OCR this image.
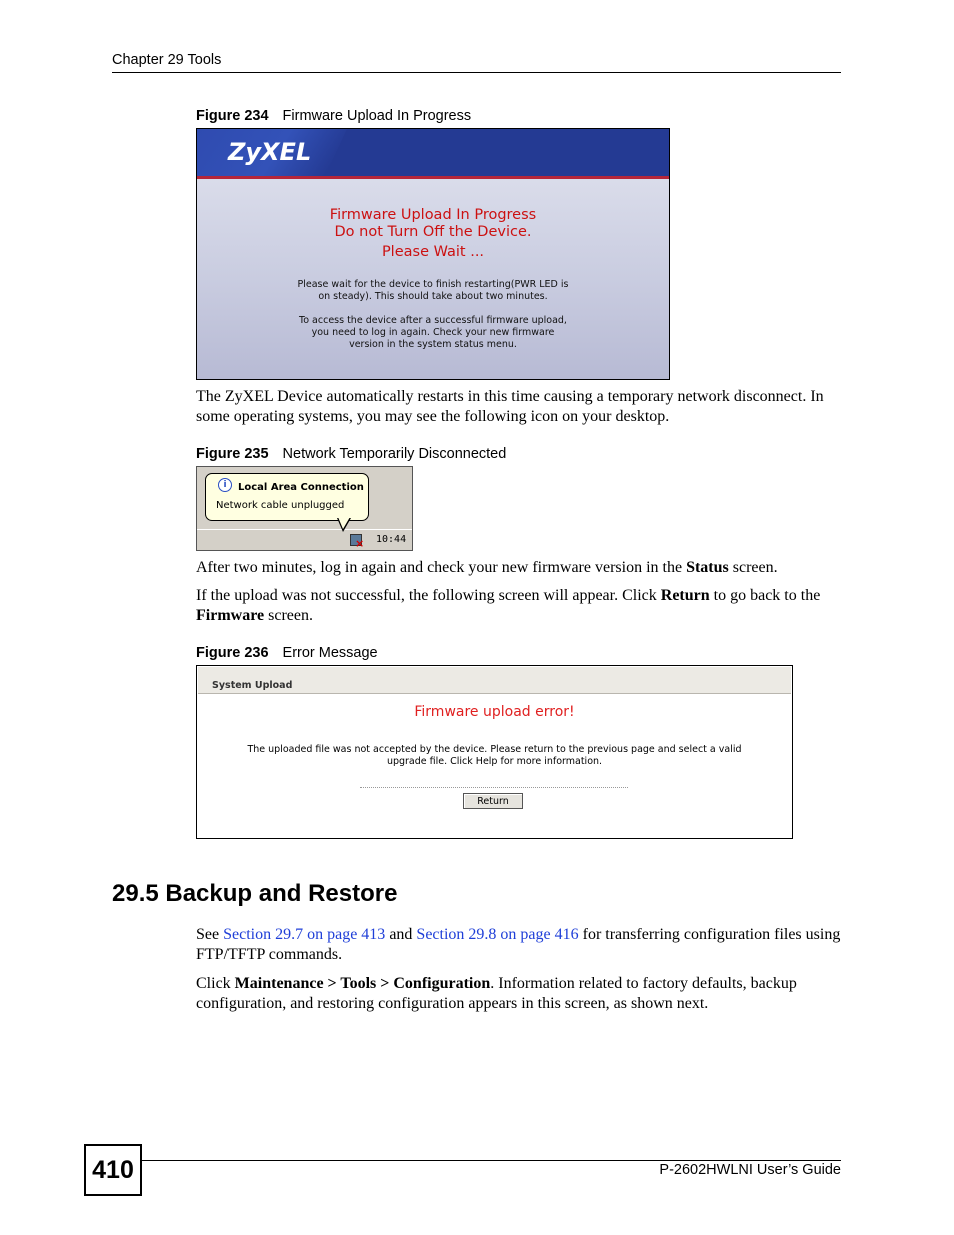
Chapter 29 Tools
Figure 234 Firmware Upload In Progress
ZyXEL
Firmware Upload In Progress
Do not Turn Off the Device.
Please Wait ...
Please wait for the device to finish restarting(PWR LED is
on steady). This should take about two minutes.
To access the device after a successful firmware upload,
you need to log in again. Check your new firmware
version in the system status menu.
The ZyXEL Device automatically restarts in this time causing a temporary network disconnect. In some operating systems, you may see the following icon on your desktop.
Figure 235 Network Temporarily Disconnected
i	Local Area Connection
Network cable unplugged
× 10:44
After two minutes, log in again and check your new firmware version in the Status screen.
If the upload was not successful, the following screen will appear. Click Return to go back to the Firmware screen.
Figure 236 Error Message
System Upload
Firmware upload error!
The uploaded file was not accepted by the device. Please return to the previous page and select a valid
upgrade file. Click Help for more information.
Return
29.5 Backup and Restore
See Section 29.7 on page 413 and Section 29.8 on page 416 for transferring configuration files using FTP/TFTP commands.
Click Maintenance > Tools > Configuration. Information related to factory defaults, backup configuration, and restoring configuration appears in this screen, as shown next.
410	P-2602HWLNI User’s Guide
